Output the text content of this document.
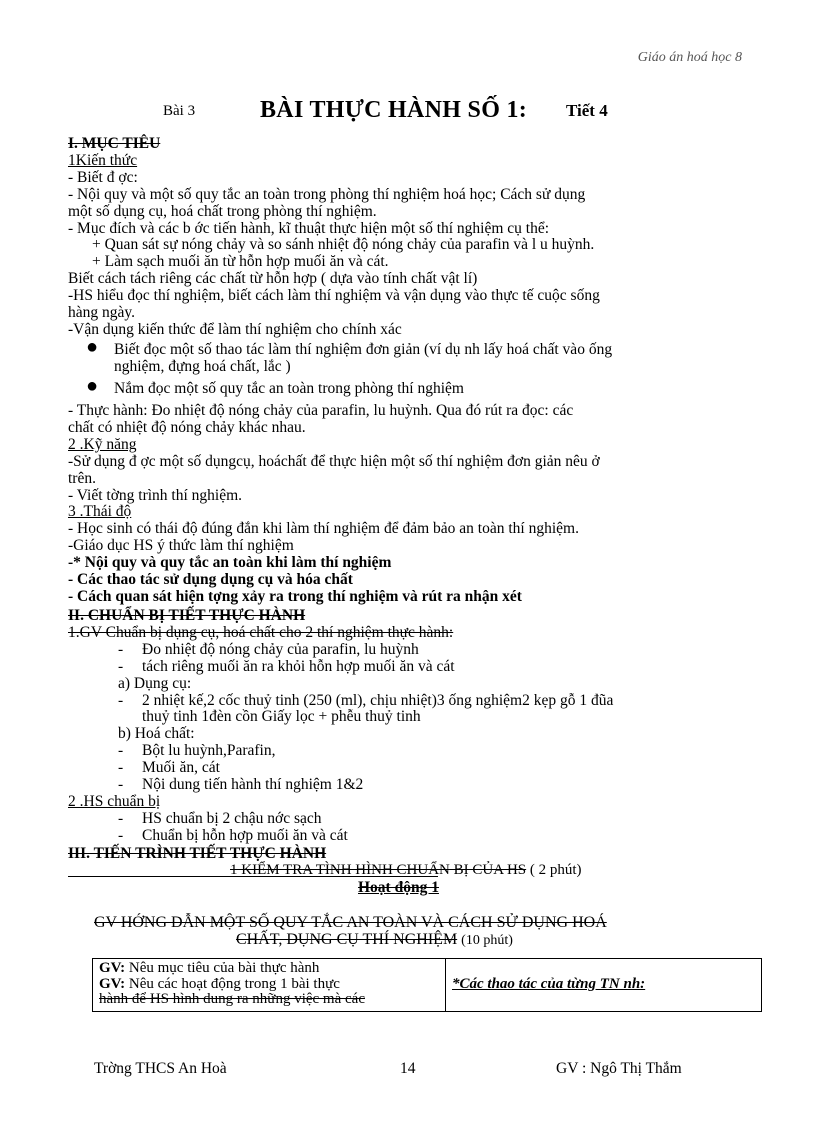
Giáo án hoá học 8
Bài 3	BÀI THỰC HÀNH SỐ 1: Tiết 4
I. MỤC TIÊU
1Kiến thức
- Biết đ ợc:
- Nội quy và một số quy tắc an toàn trong phòng thí nghiệm hoá học; Cách sử dụng
một số dụng cụ, hoá chất trong phòng thí nghiệm.
- Mục đích và các b ớc tiến hành, kĩ thuật thực hiện một số thí nghiệm cụ thể:
+ Quan sát sự nóng chảy và so sánh nhiệt độ nóng chảy của parafin và l u huỳnh.
+ Làm sạch muối ăn từ hỗn hợp muối ăn và cát.
Biết cách tách riêng các chất từ hỗn hợp ( dựa vào tính chất vật lí)
-HS hiểu đọc thí nghiệm, biết cách làm thí nghiệm và vận dụng vào thực tế cuộc sống
hàng ngày.
-Vận dụng kiến thức để làm thí nghiệm cho chính xác
● Biết đọc một số thao tác làm thí nghiệm đơn giản (ví dụ nh lấy hoá chất vào ống
nghiệm, đựng hoá chất, lắc )
● Nắm đọc một số quy tắc an toàn trong phòng thí nghiệm
- Thực hành: Đo nhiệt độ nóng chảy của parafin, lu huỳnh. Qua đó rút ra đọc: các
chất có nhiệt độ nóng chảy khác nhau.
2 .Kỹ năng
-Sử dụng đ ợc một số dụngcụ, hoáchất để thực hiện một số thí nghiệm đơn giản nêu ở
trên.
- Viết tờng trình thí nghiệm.
3 .Thái độ
- Học sinh có thái độ đúng đắn khi làm thí nghiệm để đảm bảo an toàn thí nghiệm.
-Giáo dục HS ý thức làm thí nghiệm
-* Nội quy và quy tắc an toàn khi làm thí nghiệm
- Các thao tác sử dụng dụng cụ và hóa chất
- Cách quan sát hiện tợng xảy ra trong thí nghiệm và rút ra nhận xét
II. CHUẨN BỊ TIẾT THỰC HÀNH
1.GV Chuẩn bị dụng cụ, hoá chất cho 2 thí nghiệm thực hành:
- Đo nhiệt độ nóng chảy của parafin, lu huỳnh
- tách riêng muối ăn ra khỏi hỗn hợp muối ăn và cát
a) Dụng cụ:
- 2 nhiệt kế,2 cốc thuỷ tinh (250 (ml), chịu nhiệt)3 ống nghiệm2 kẹp gỗ 1 đũa
thuỷ tinh 1đèn cồn Giấy lọc + phễu thuỷ tinh
b) Hoá chất:
- Bột lu huỳnh,Parafin,
- Muối ăn, cát
- Nội dung tiến hành thí nghiệm 1&2
2 .HS chuẩn bị
- HS chuẩn bị 2 chậu nớc sạch
- Chuẩn bị hỗn hợp muối ăn và cát
III. TIẾN TRÌNH TIẾT THỰC HÀNH
1 KIỂM TRA TÌNH HÌNH CHUẨN BỊ CỦA HS ( 2 phút)
Hoạt động 1
GV HỚNG DẪN MỘT SỐ QUY TẮC AN TOÀN VÀ CÁCH SỬ DỤNG HOÁ
CHẤT, DỤNG CỤ THÍ NGHIỆM (10 phút)
GV: Nêu mục tiêu của bài thực hành
GV: Nêu các hoạt động trong 1 bài thực
hành để HS hình dung ra những việc mà các
	*Các thao tác của từng TN nh:
Trờng THCS An Hoà	14	GV : Ngô Thị Thắm
